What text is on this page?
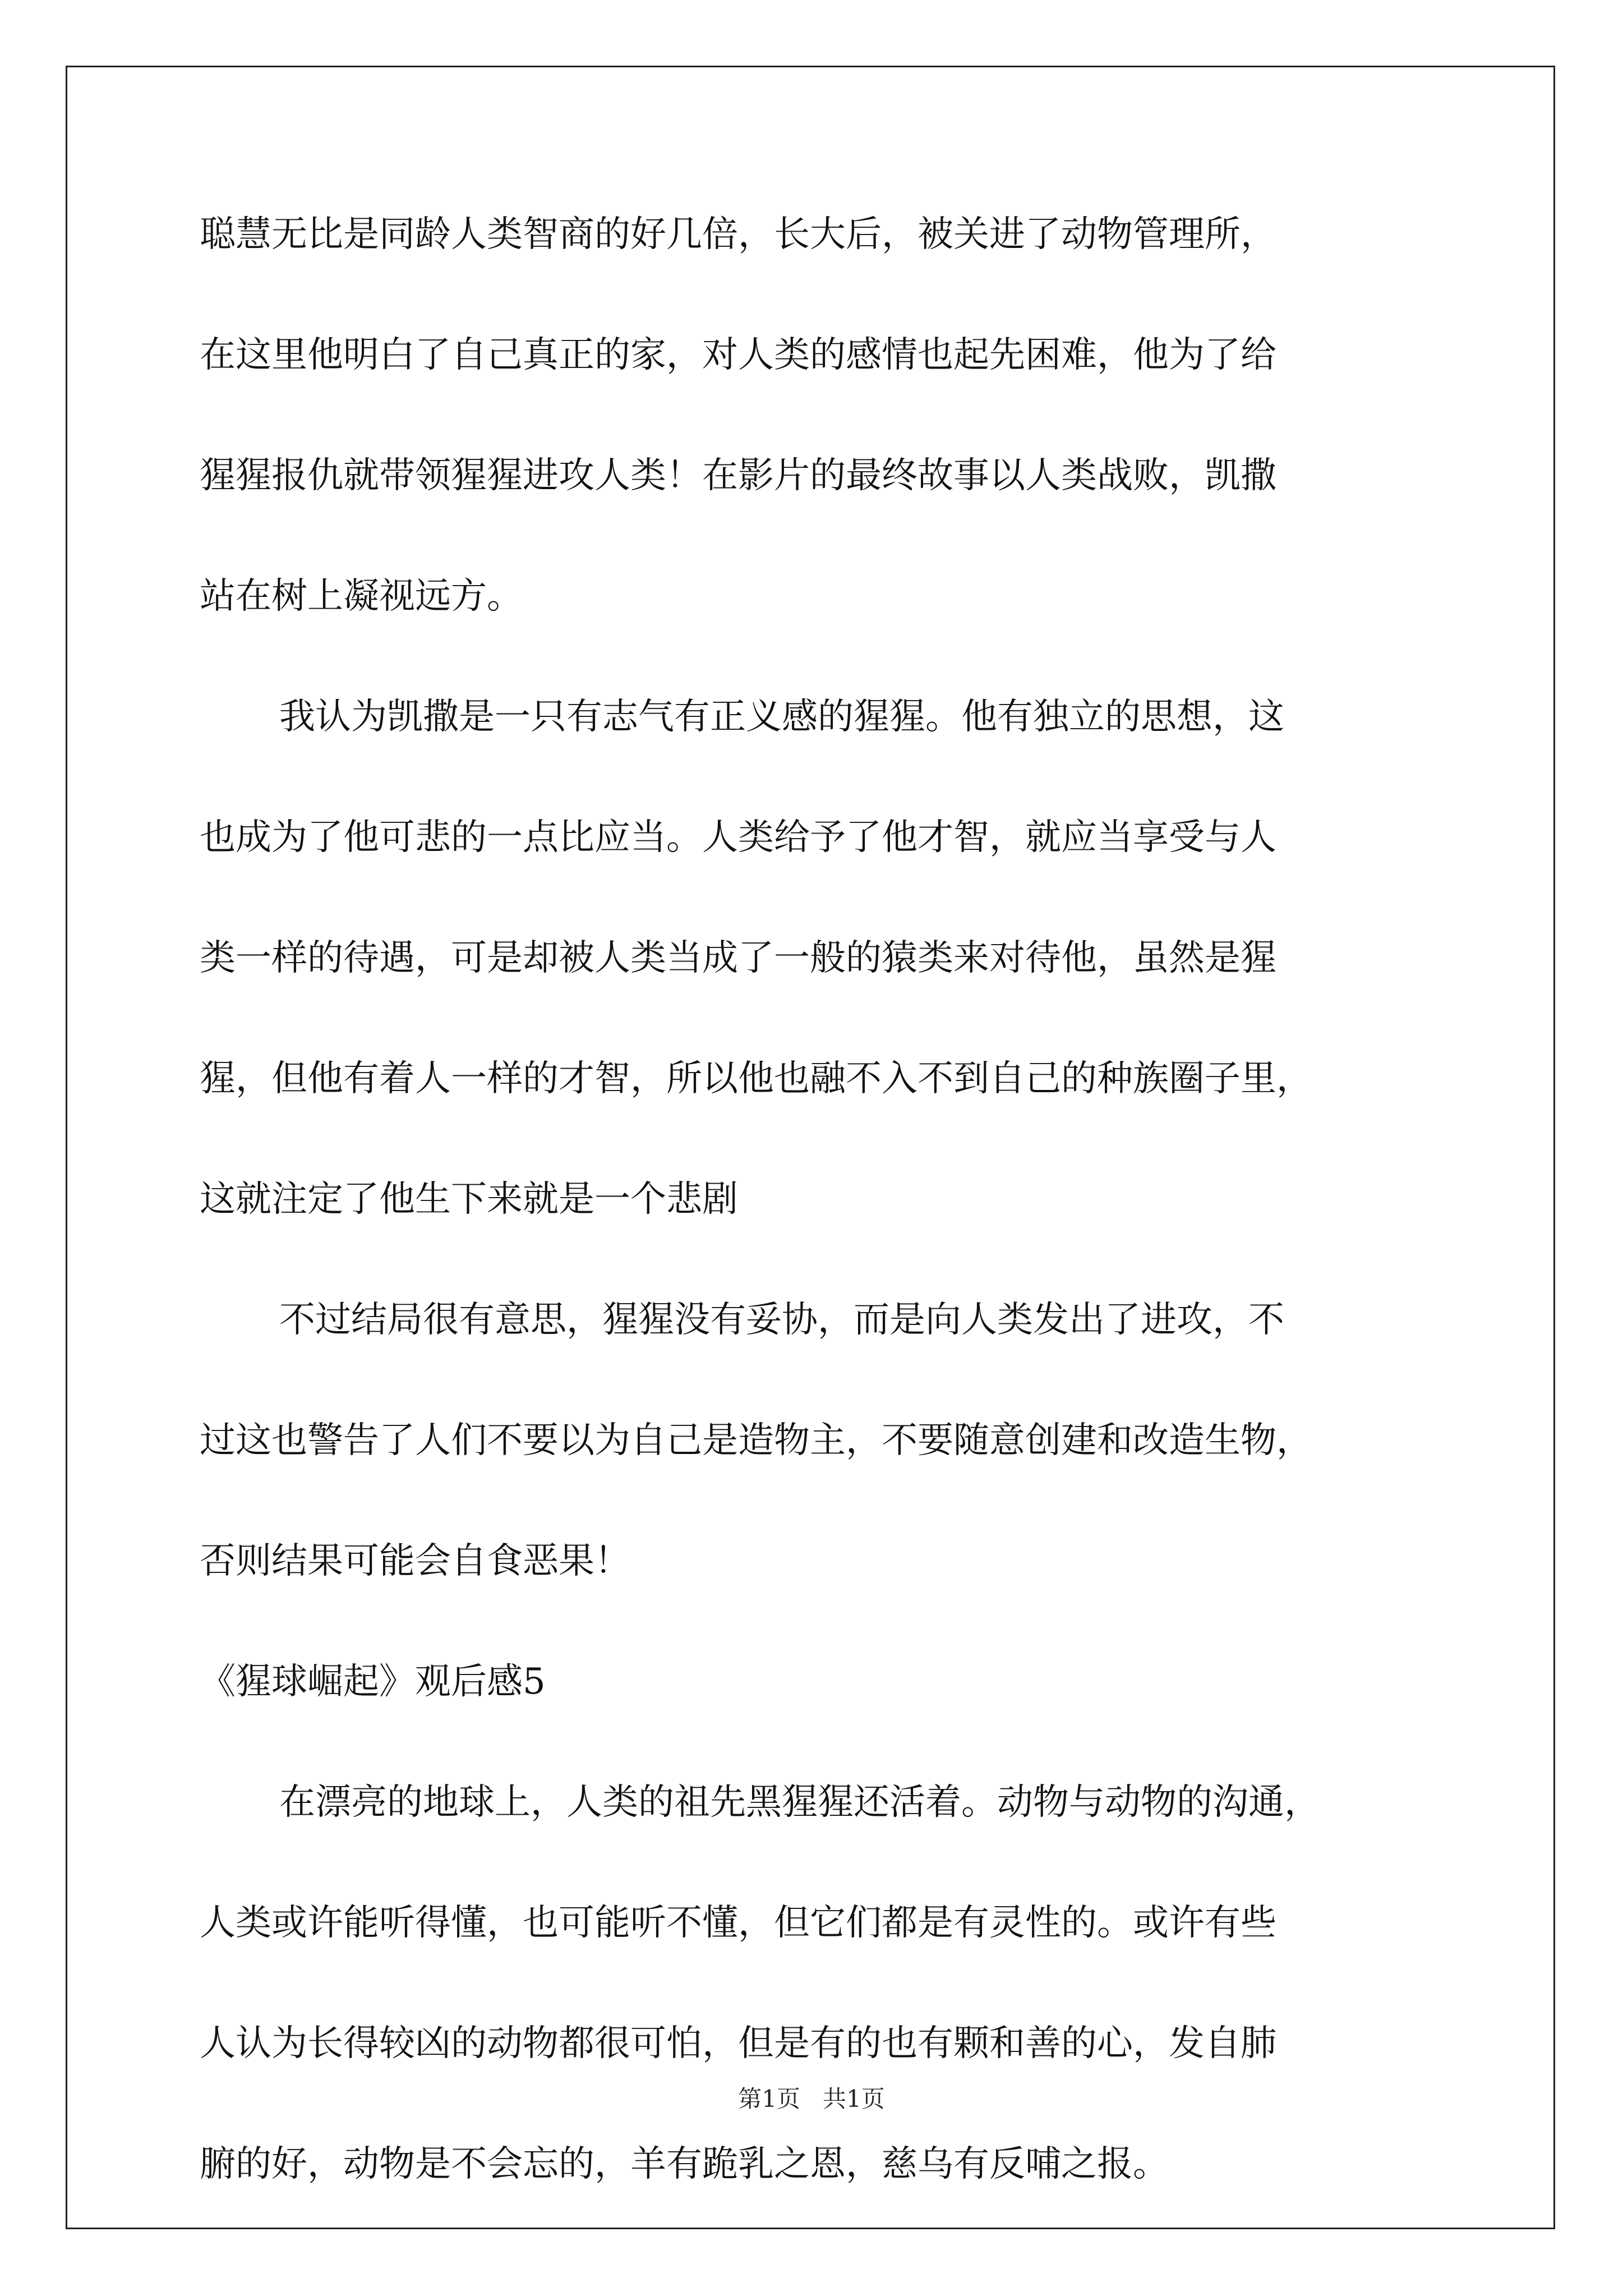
聪慧无比是同龄人类智商的好几倍，长大后，被关进了动物管理所，
在这里他明白了自己真正的家，对人类的感情也起先困难，他为了给
猩猩报仇就带领猩猩进攻人类！在影片的最终故事以人类战败，凯撒
站在树上凝视远方。
我认为凯撒是一只有志气有正义感的猩猩。他有独立的思想，这
也成为了他可悲的一点比应当。人类给予了他才智，就应当享受与人
类一样的待遇，可是却被人类当成了一般的猿类来对待他，虽然是猩
猩，但他有着人一样的才智，所以他也融不入不到自己的种族圈子里，
这就注定了他生下来就是一个悲剧
不过结局很有意思，猩猩没有妥协，而是向人类发出了进攻，不
过这也警告了人们不要以为自己是造物主，不要随意创建和改造生物，
否则结果可能会自食恶果！
《猩球崛起》观后感5
在漂亮的地球上，人类的祖先黑猩猩还活着。动物与动物的沟通，
人类或许能听得懂，也可能听不懂，但它们都是有灵性的。或许有些
人认为长得较凶的动物都很可怕，但是有的也有颗和善的心，发自肺
腑的好，动物是不会忘的，羊有跪乳之恩，慈乌有反哺之报。
第1页   共1页
